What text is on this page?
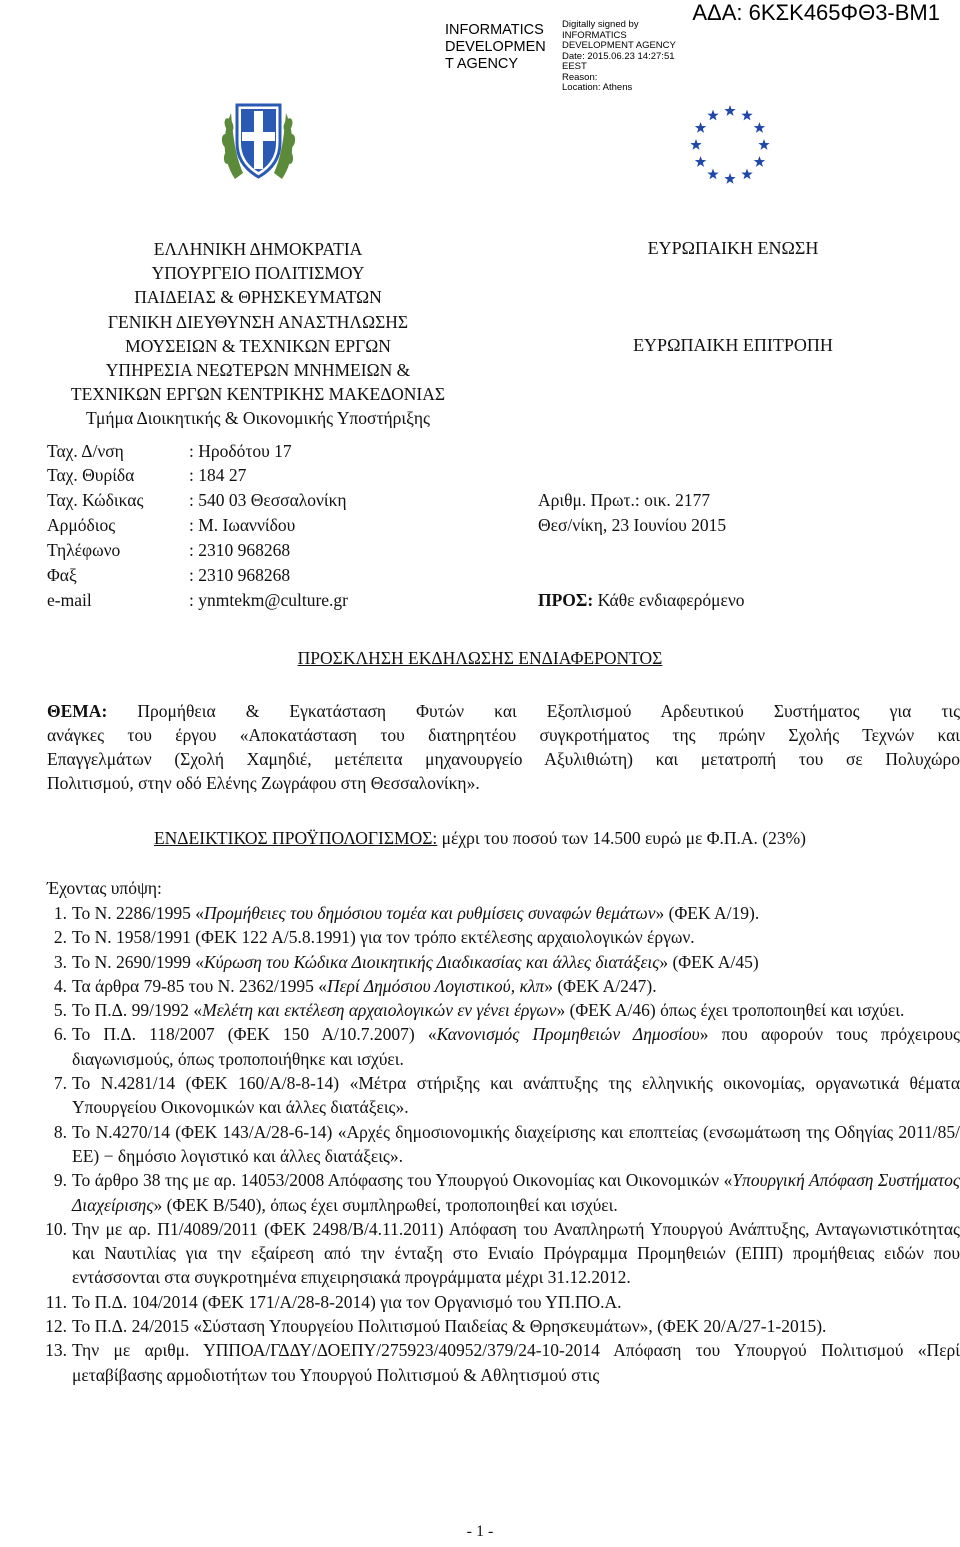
INFORMATICS
DEVELOPMEN
T AGENCY
Digitally signed by
INFORMATICS
DEVELOPMENT AGENCY
Date: 2015.06.23 14:27:51
EEST
Reason:
Location: Athens
ΑΔΑ: 6ΚΣΚ465ΦΘ3-ΒΜ1
ΕΛΛΗΝΙΚΗ ΔΗΜΟΚΡΑΤΙΑ
ΥΠΟΥΡΓΕΙΟ ΠΟΛΙΤΙΣΜΟΥ
ΠΑΙΔΕΙΑΣ & ΘΡΗΣΚΕΥΜΑΤΩΝ
ΓΕΝΙΚΗ ΔΙΕΥΘΥΝΣΗ ΑΝΑΣΤΗΛΩΣΗΣ
ΜΟΥΣΕΙΩΝ & ΤΕΧΝΙΚΩΝ ΕΡΓΩΝ
ΥΠΗΡΕΣΙΑ ΝΕΩΤΕΡΩΝ ΜΝΗΜΕΙΩΝ &
ΤΕΧΝΙΚΩΝ ΕΡΓΩΝ ΚΕΝΤΡΙΚΗΣ ΜΑΚΕΔΟΝΙΑΣ
Τμήμα Διοικητικής & Οικονομικής Υποστήριξης
ΕΥΡΩΠΑΙΚΗ ΕΝΩΣΗ
ΕΥΡΩΠΑΙΚΗ ΕΠΙΤΡΟΠΗ
Ταχ. Δ/νση	: Ηροδότου 17
Ταχ. Θυρίδα	: 184 27
Ταχ. Κώδικας	: 540 03 Θεσσαλονίκη
Αρμόδιος	: Μ. Ιωαννίδου
Τηλέφωνο	: 2310 968268
Φαξ	: 2310 968268
e-mail	: ynmtekm@culture.gr
Αριθμ. Πρωτ.: οικ. 2177
Θεσ/νίκη, 23 Ιουνίου 2015
ΠΡΟΣ: Κάθε ενδιαφερόμενο
ΠΡΟΣΚΛΗΣΗ ΕΚΔΗΛΩΣΗΣ ΕΝΔΙΑΦΕΡΟΝΤΟΣ
ΘΕΜΑ: Προμήθεια & Εγκατάσταση Φυτών και Εξοπλισμού Αρδευτικού Συστήματος για τις
ανάγκες του έργου «Αποκατάσταση του διατηρητέου συγκροτήματος της πρώην Σχολής Τεχνών και
Επαγγελμάτων (Σχολή Χαμηδιέ, μετέπειτα μηχανουργείο Αξυλιθιώτη) και μετατροπή του σε Πολυχώρο
Πολιτισμού, στην οδό Ελένης Ζωγράφου στη Θεσσαλονίκη».
ΕΝΔΕΙΚΤΙΚΟΣ ΠΡΟΫΠΟΛΟΓΙΣΜΟΣ: μέχρι του ποσού των 14.500 ευρώ με Φ.Π.Α. (23%)
Έχοντας υπόψη:
1. Το Ν. 2286/1995 «Προμήθειες του δημόσιου τομέα και ρυθμίσεις συναφών θεμάτων» (ΦΕΚ Α/19).
2. Το Ν. 1958/1991 (ΦΕΚ 122 Α/5.8.1991) για τον τρόπο εκτέλεσης αρχαιολογικών έργων.
3. Το Ν. 2690/1999 «Κύρωση του Κώδικα Διοικητικής Διαδικασίας και άλλες διατάξεις» (ΦΕΚ Α/45)
4. Τα άρθρα 79-85 του Ν. 2362/1995 «Περί Δημόσιου Λογιστικού, κλπ» (ΦΕΚ Α/247).
5. Το Π.Δ. 99/1992 «Μελέτη και εκτέλεση αρχαιολογικών εν γένει έργων» (ΦΕΚ Α/46) όπως έχει τροποποιηθεί και ισχύει.
6. Το Π.Δ. 118/2007 (ΦΕΚ 150 Α/10.7.2007) «Κανονισμός Προμηθειών Δημοσίου» που αφορούν τους πρόχειρους διαγωνισμούς, όπως τροποποιήθηκε και ισχύει.
7. Το Ν.4281/14 (ΦΕΚ 160/Α/8-8-14) «Μέτρα στήριξης και ανάπτυξης της ελληνικής οικονομίας, οργανωτικά θέματα Υπουργείου Οικονομικών και άλλες διατάξεις».
8. Το Ν.4270/14 (ΦΕΚ 143/Α/28-6-14) «Αρχές δημοσιονομικής διαχείρισης και εποπτείας (ενσωμάτωση της Οδηγίας 2011/85/ΕΕ) − δημόσιο λογιστικό και άλλες διατάξεις».
9. Το άρθρο 38 της με αρ. 14053/2008 Απόφασης του Υπουργού Οικονομίας και Οικονομικών «Υπουργική Απόφαση Συστήματος Διαχείρισης» (ΦΕΚ Β/540), όπως έχει συμπληρωθεί, τροποποιηθεί και ισχύει.
10. Την με αρ. Π1/4089/2011 (ΦΕΚ 2498/Β/4.11.2011) Απόφαση του Αναπληρωτή Υπουργού Ανάπτυξης, Ανταγωνιστικότητας και Ναυτιλίας για την εξαίρεση από την ένταξη στο Ενιαίο Πρόγραμμα Προμηθειών (ΕΠΠ) προμήθειας ειδών που εντάσσονται στα συγκροτημένα επιχειρησιακά προγράμματα μέχρι 31.12.2012.
11. Το Π.Δ. 104/2014 (ΦΕΚ 171/Α/28-8-2014) για τον Οργανισμό του ΥΠ.ΠΟ.Α.
12. Το Π.Δ. 24/2015 «Σύσταση Υπουργείου Πολιτισμού Παιδείας & Θρησκευμάτων», (ΦΕΚ 20/Α/27-1-2015).
13. Την με αριθμ. ΥΠΠΟΑ/ΓΔΔΥ/ΔΟΕΠΥ/275923/40952/379/24-10-2014 Απόφαση του Υπουργού Πολιτισμού «Περί μεταβίβασης αρμοδιοτήτων του Υπουργού Πολιτισμού & Αθλητισμού στις
- 1 -
